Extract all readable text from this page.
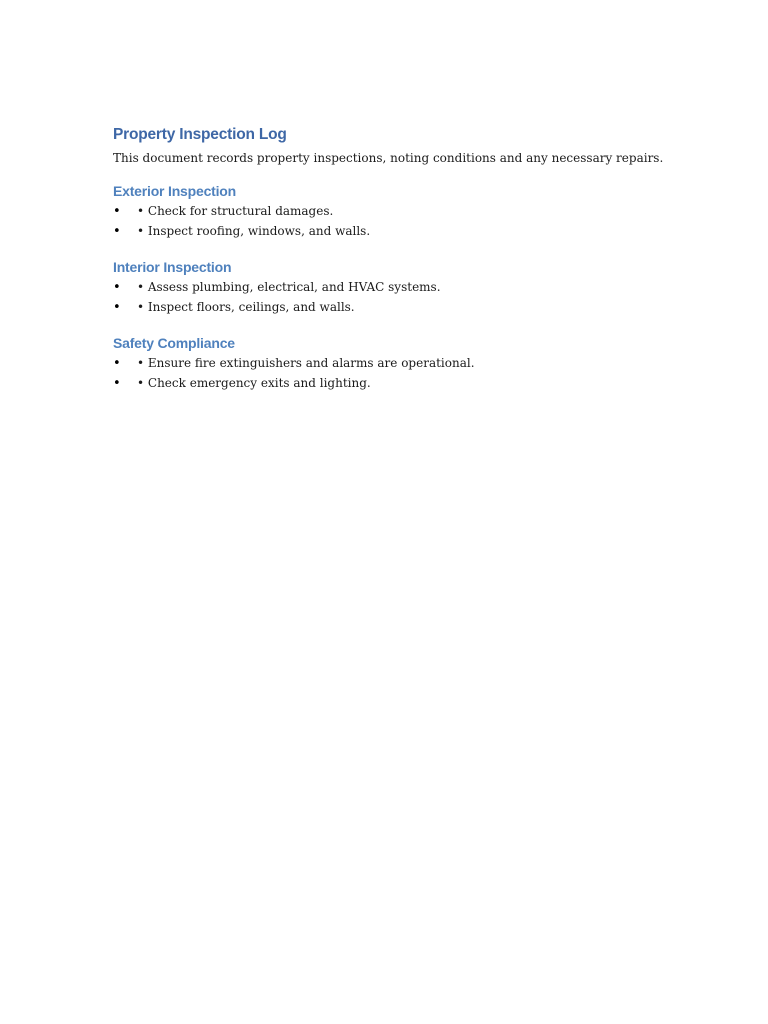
Property Inspection Log

This document records property inspections, noting conditions and any necessary repairs.

Exterior Inspection
•	• Check for structural damages.
•	• Inspect roofing, windows, and walls.
Interior Inspection
•	• Assess plumbing, electrical, and HVAC systems.
•	• Inspect floors, ceilings, and walls.
Safety Compliance
•	• Ensure fire extinguishers and alarms are operational.
•	• Check emergency exits and lighting.
